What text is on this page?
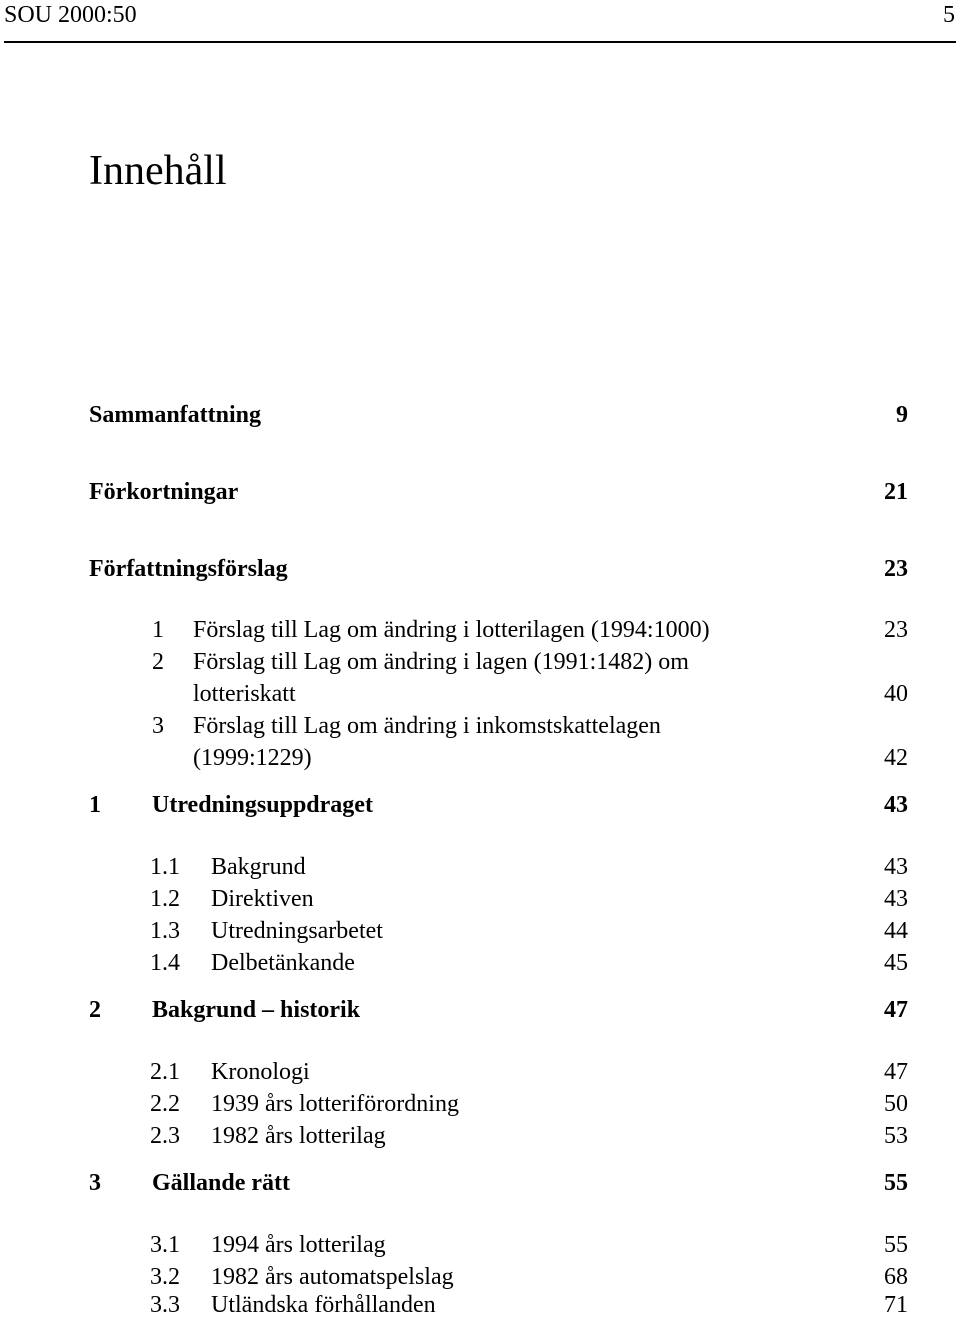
SOU 2000:50	5
Innehåll
Sammanfattning	9
Förkortningar	21
Författningsförslag	23
1 Förslag till Lag om ändring i lotterilagen (1994:1000)	23
2 Förslag till Lag om ändring i lagen (1991:1482) om
lotteriskatt	40
3 Förslag till Lag om ändring i inkomstskattelagen
(1999:1229)	42
1 Utredningsuppdraget	43
1.1 Bakgrund	43
1.2 Direktiven	43
1.3 Utredningsarbetet	44
1.4 Delbetänkande	45
2 Bakgrund – historik	47
2.1 Kronologi	47
2.2 1939 års lotteriförordning	50
2.3 1982 års lotterilag	53
3 Gällande rätt	55
3.1 1994 års lotterilag	55
3.2 1982 års automatspelslag	68
3.3 Utländska förhållanden	71
